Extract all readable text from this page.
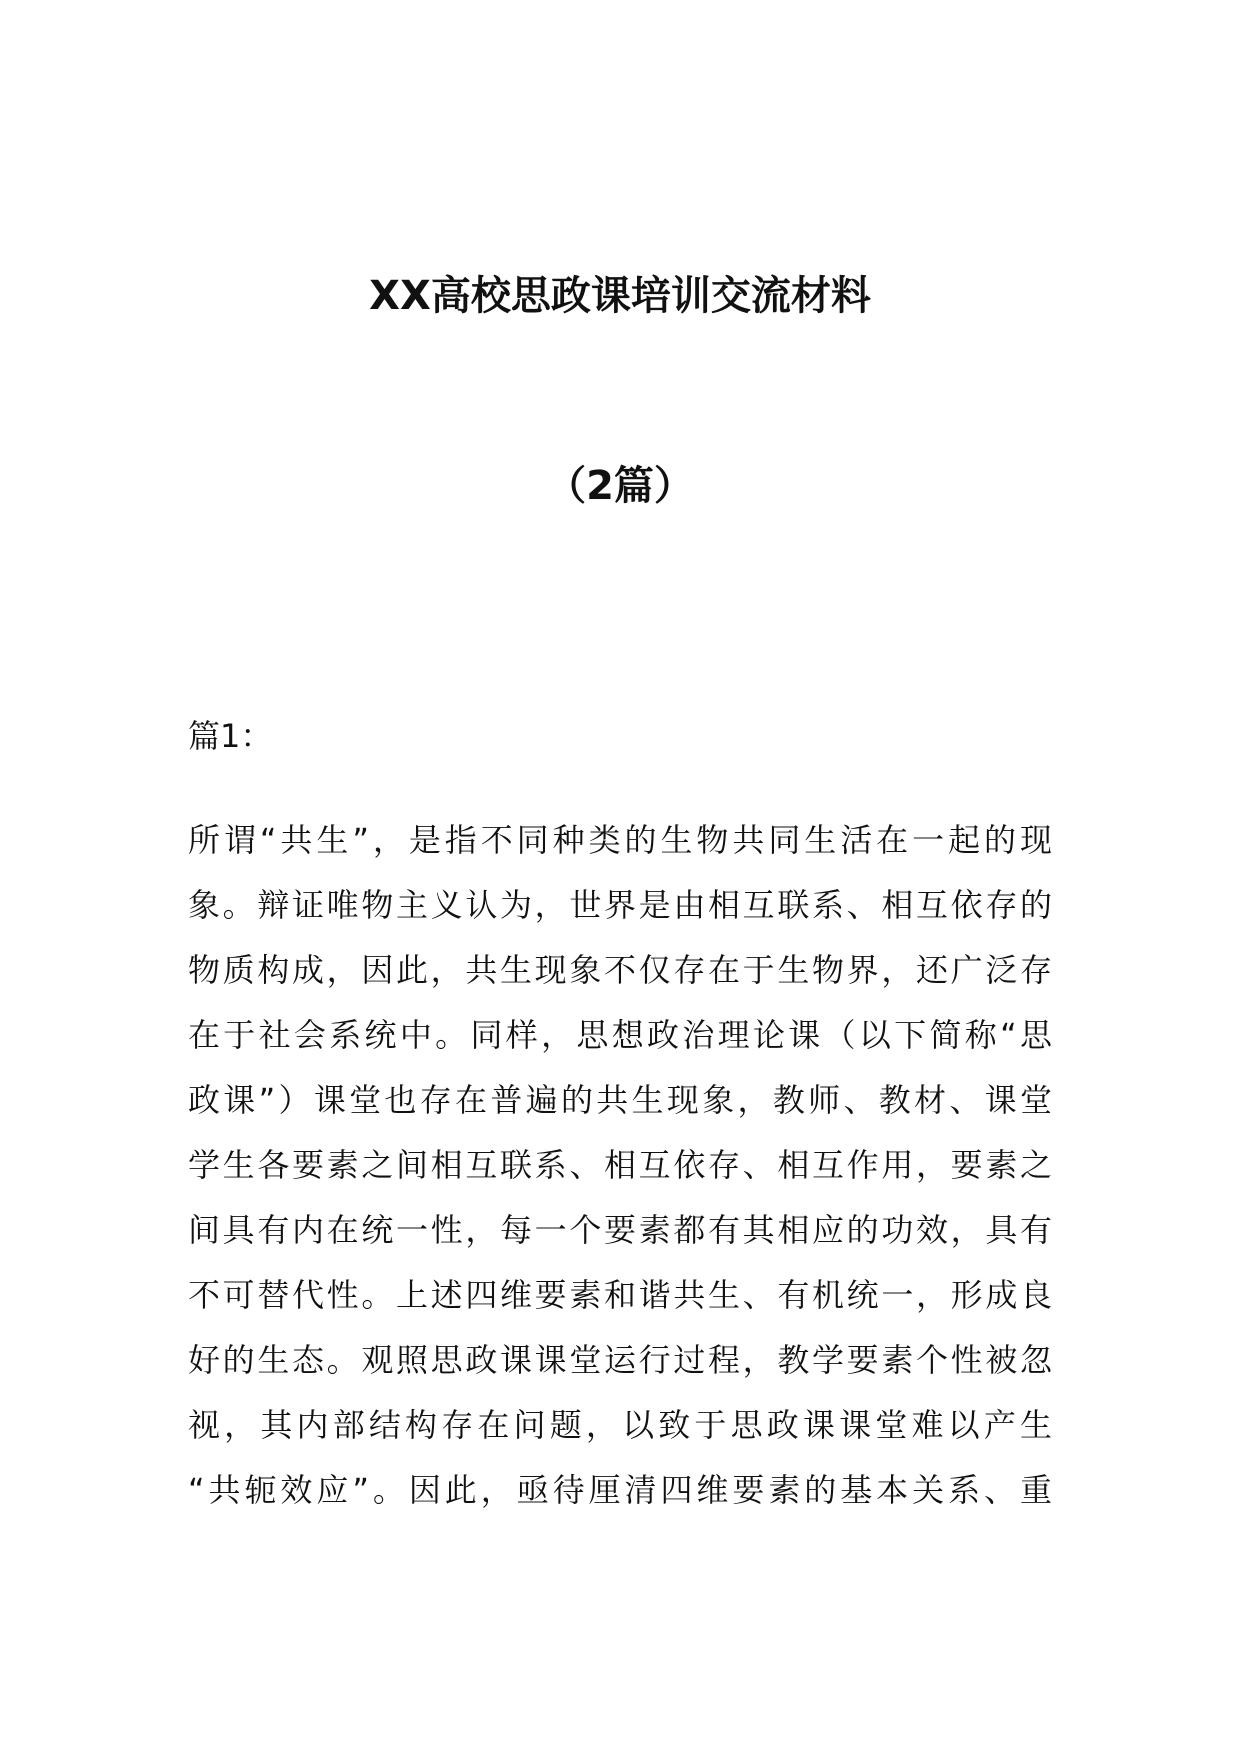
XX高校思政课培训交流材料
（2篇）

篇1：

所谓“共生”，是指不同种类的生物共同生活在一起的现
象。辩证唯物主义认为，世界是由相互联系、相互依存的
物质构成，因此，共生现象不仅存在于生物界，还广泛存
在于社会系统中。同样，思想政治理论课（以下简称“思
政课”）课堂也存在普遍的共生现象，教师、教材、课堂
学生各要素之间相互联系、相互依存、相互作用，要素之
间具有内在统一性，每一个要素都有其相应的功效，具有
不可替代性。上述四维要素和谐共生、有机统一，形成良
好的生态。观照思政课课堂运行过程，教学要素个性被忽
视，其内部结构存在问题，以致于思政课课堂难以产生
“共轭效应”。因此，亟待厘清四维要素的基本关系、重
